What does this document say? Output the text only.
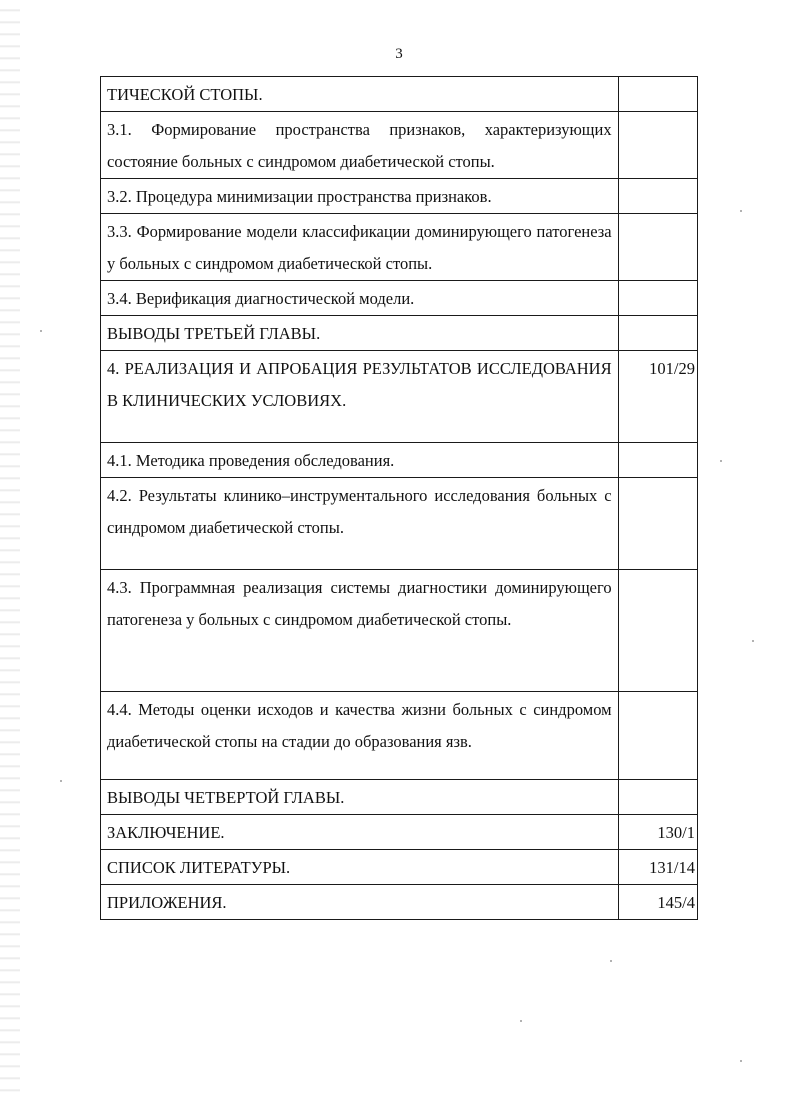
3
ТИЧЕСКОЙ СТОПЫ.	
3.1. Формирование пространства признаков, характеризующих состояние больных с синдромом диабетической стопы.	
3.2. Процедура минимизации пространства признаков.	
3.3. Формирование модели классификации доминирующего патогенеза у больных с синдромом диабетической стопы.	
3.4. Верификация диагностической модели.	
ВЫВОДЫ ТРЕТЬЕЙ ГЛАВЫ.	
4. РЕАЛИЗАЦИЯ И АПРОБАЦИЯ РЕЗУЛЬТАТОВ ИССЛЕДОВАНИЯ В КЛИНИЧЕСКИХ УСЛОВИЯХ.	101/29
4.1. Методика проведения обследования.	
4.2. Результаты клинико–инструментального исследования больных с синдромом диабетической стопы.	
4.3. Программная реализация системы диагностики доминирующего патогенеза у больных с синдромом диабетической стопы.	
4.4. Методы оценки исходов и качества жизни больных с синдромом диабетической стопы на стадии до образования язв.	
ВЫВОДЫ ЧЕТВЕРТОЙ ГЛАВЫ.	
ЗАКЛЮЧЕНИЕ.	130/1
СПИСОК ЛИТЕРАТУРЫ.	131/14
ПРИЛОЖЕНИЯ.	145/4
